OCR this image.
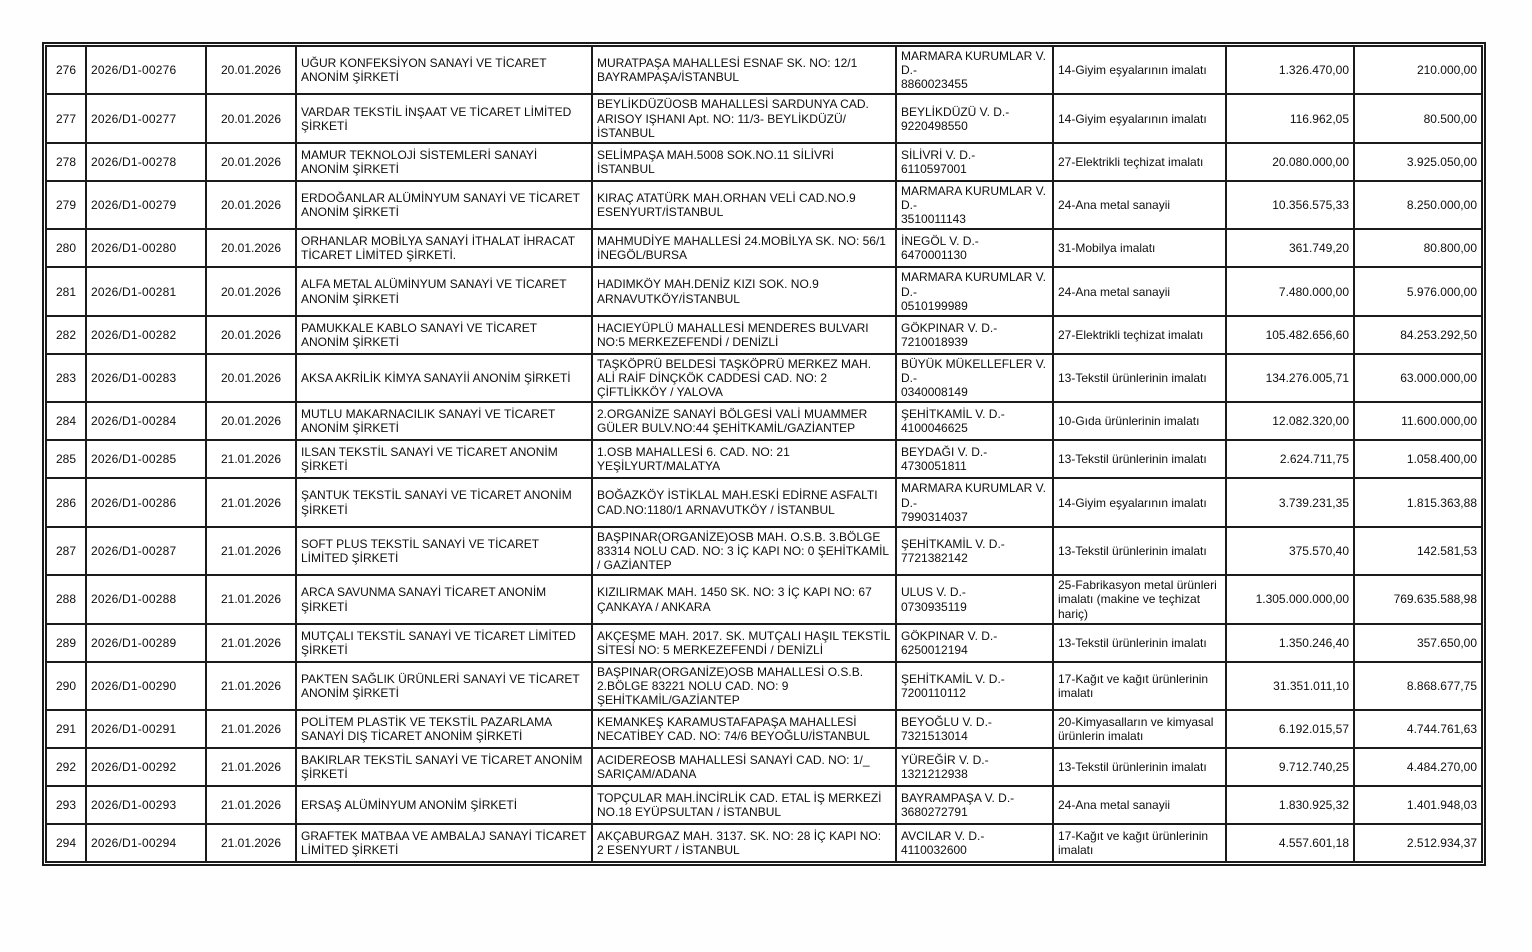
276	2026/D1-00276	20.01.2026	UĞUR KONFEKSİYON SANAYİ VE TİCARET ANONİM ŞİRKETİ	MURATPAŞA MAHALLESİ ESNAF SK. NO: 12/1 BAYRAMPAŞA/İSTANBUL	MARMARA KURUMLAR V. D.-
8860023455	14-Giyim eşyalarının imalatı	1.326.470,00	210.000,00
277	2026/D1-00277	20.01.2026	VARDAR TEKSTİL İNŞAAT VE TİCARET LİMİTED ŞİRKETİ	BEYLİKDÜZÜOSB MAHALLESİ SARDUNYA CAD. ARISOY IŞHANI Apt. NO: 11/3- BEYLİKDÜZÜ/İSTANBUL	BEYLİKDÜZÜ V. D.-
9220498550	14-Giyim eşyalarının imalatı	116.962,05	80.500,00
278	2026/D1-00278	20.01.2026	MAMUR TEKNOLOJİ SİSTEMLERİ SANAYİ ANONİM ŞİRKETİ	SELİMPAŞA MAH.5008 SOK.NO.11 SİLİVRİ İSTANBUL	SİLİVRİ V. D.-
6110597001	27-Elektrikli teçhizat imalatı	20.080.000,00	3.925.050,00
279	2026/D1-00279	20.01.2026	ERDOĞANLAR ALÜMİNYUM SANAYİ VE TİCARET ANONİM ŞİRKETİ	KIRAÇ ATATÜRK MAH.ORHAN VELİ CAD.NO.9 ESENYURT/İSTANBUL	MARMARA KURUMLAR V. D.-
3510011143	24-Ana metal sanayii	10.356.575,33	8.250.000,00
280	2026/D1-00280	20.01.2026	ORHANLAR MOBİLYA SANAYİ İTHALAT İHRACAT TİCARET LİMİTED ŞİRKETİ.	MAHMUDİYE MAHALLESİ 24.MOBİLYA SK. NO: 56/1 İNEGÖL/BURSA	İNEGÖL V. D.-
6470001130	31-Mobilya imalatı	361.749,20	80.800,00
281	2026/D1-00281	20.01.2026	ALFA METAL ALÜMİNYUM SANAYİ VE TİCARET ANONİM ŞİRKETİ	HADIMKÖY MAH.DENİZ KIZI SOK. NO.9 ARNAVUTKÖY/İSTANBUL	MARMARA KURUMLAR V. D.-
0510199989	24-Ana metal sanayii	7.480.000,00	5.976.000,00
282	2026/D1-00282	20.01.2026	PAMUKKALE KABLO SANAYİ VE TİCARET ANONİM ŞİRKETİ	HACIEYÜPLÜ MAHALLESİ MENDERES BULVARI NO:5 MERKEZEFENDİ / DENİZLİ	GÖKPINAR V. D.-
7210018939	27-Elektrikli teçhizat imalatı	105.482.656,60	84.253.292,50
283	2026/D1-00283	20.01.2026	AKSA AKRİLİK KİMYA SANAYİİ ANONİM ŞİRKETİ	TAŞKÖPRÜ BELDESİ TAŞKÖPRÜ MERKEZ MAH. ALİ RAİF DİNÇKÖK CADDESİ CAD. NO: 2 ÇİFTLİKKÖY / YALOVA	BÜYÜK MÜKELLEFLER V. D.-
0340008149	13-Tekstil ürünlerinin imalatı	134.276.005,71	63.000.000,00
284	2026/D1-00284	20.01.2026	MUTLU MAKARNACILIK SANAYİ VE TİCARET ANONİM ŞİRKETİ	2.ORGANİZE SANAYİ BÖLGESİ VALİ MUAMMER GÜLER BULV.NO:44 ŞEHİTKAMİL/GAZİANTEP	ŞEHİTKAMİL V. D.-
4100046625	10-Gıda ürünlerinin imalatı	12.082.320,00	11.600.000,00
285	2026/D1-00285	21.01.2026	ILSAN TEKSTİL SANAYİ VE TİCARET ANONİM ŞİRKETİ	1.OSB MAHALLESİ 6. CAD. NO: 21 YEŞİLYURT/MALATYA	BEYDAĞI V. D.-
4730051811	13-Tekstil ürünlerinin imalatı	2.624.711,75	1.058.400,00
286	2026/D1-00286	21.01.2026	ŞANTUK TEKSTİL SANAYİ VE TİCARET ANONİM ŞİRKETİ	BOĞAZKÖY İSTİKLAL MAH.ESKİ EDİRNE ASFALTI CAD.NO:1180/1 ARNAVUTKÖY / İSTANBUL	MARMARA KURUMLAR V. D.-
7990314037	14-Giyim eşyalarının imalatı	3.739.231,35	1.815.363,88
287	2026/D1-00287	21.01.2026	SOFT PLUS TEKSTİL SANAYİ VE TİCARET LİMİTED ŞİRKETİ	BAŞPINAR(ORGANİZE)OSB MAH. O.S.B. 3.BÖLGE 83314 NOLU CAD. NO: 3 İÇ KAPI NO: 0 ŞEHİTKAMİL / GAZİANTEP	ŞEHİTKAMİL V. D.-
7721382142	13-Tekstil ürünlerinin imalatı	375.570,40	142.581,53
288	2026/D1-00288	21.01.2026	ARCA SAVUNMA SANAYİ TİCARET ANONİM ŞİRKETİ	KIZILIRMAK MAH. 1450 SK. NO: 3 İÇ KAPI NO: 67 ÇANKAYA / ANKARA	ULUS V. D.-
0730935119	25-Fabrikasyon metal ürünleri imalatı (makine ve teçhizat hariç)	1.305.000.000,00	769.635.588,98
289	2026/D1-00289	21.01.2026	MUTÇALI TEKSTİL SANAYİ VE TİCARET LİMİTED ŞİRKETİ	AKÇEŞME MAH. 2017. SK. MUTÇALI HAŞIL TEKSTİL SİTESİ NO: 5 MERKEZEFENDİ / DENİZLİ	GÖKPINAR V. D.-
6250012194	13-Tekstil ürünlerinin imalatı	1.350.246,40	357.650,00
290	2026/D1-00290	21.01.2026	PAKTEN SAĞLIK ÜRÜNLERİ SANAYİ VE TİCARET ANONİM ŞİRKETİ	BAŞPINAR(ORGANİZE)OSB MAHALLESİ O.S.B. 2.BÖLGE 83221 NOLU CAD. NO: 9 ŞEHİTKAMİL/GAZİANTEP	ŞEHİTKAMİL V. D.-
7200110112	17-Kağıt ve kağıt ürünlerinin imalatı	31.351.011,10	8.868.677,75
291	2026/D1-00291	21.01.2026	POLİTEM PLASTİK VE TEKSTİL PAZARLAMA SANAYİ DIŞ TİCARET ANONİM ŞİRKETİ	KEMANKEŞ KARAMUSTAFAPAŞA MAHALLESİ NECATİBEY CAD. NO: 74/6 BEYOĞLU/İSTANBUL	BEYOĞLU V. D.-
7321513014	20-Kimyasalların ve kimyasal ürünlerin imalatı	6.192.015,57	4.744.761,63
292	2026/D1-00292	21.01.2026	BAKIRLAR TEKSTİL SANAYİ VE TİCARET ANONİM ŞİRKETİ	ACIDEREOSB MAHALLESİ SANAYİ CAD. NO: 1/_ SARIÇAM/ADANA	YÜREĞİR V. D.-
1321212938	13-Tekstil ürünlerinin imalatı	9.712.740,25	4.484.270,00
293	2026/D1-00293	21.01.2026	ERSAŞ ALÜMİNYUM ANONİM ŞİRKETİ	TOPÇULAR MAH.İNCİRLİK CAD. ETAL İŞ MERKEZİ NO.18 EYÜPSULTAN / İSTANBUL	BAYRAMPAŞA V. D.-
3680272791	24-Ana metal sanayii	1.830.925,32	1.401.948,03
294	2026/D1-00294	21.01.2026	GRAFTEK MATBAA VE AMBALAJ SANAYİ TİCARET LİMİTED ŞİRKETİ	AKÇABURGAZ MAH. 3137. SK. NO: 28 İÇ KAPI NO: 2 ESENYURT / İSTANBUL	AVCILAR V. D.-
4110032600	17-Kağıt ve kağıt ürünlerinin imalatı	4.557.601,18	2.512.934,37
